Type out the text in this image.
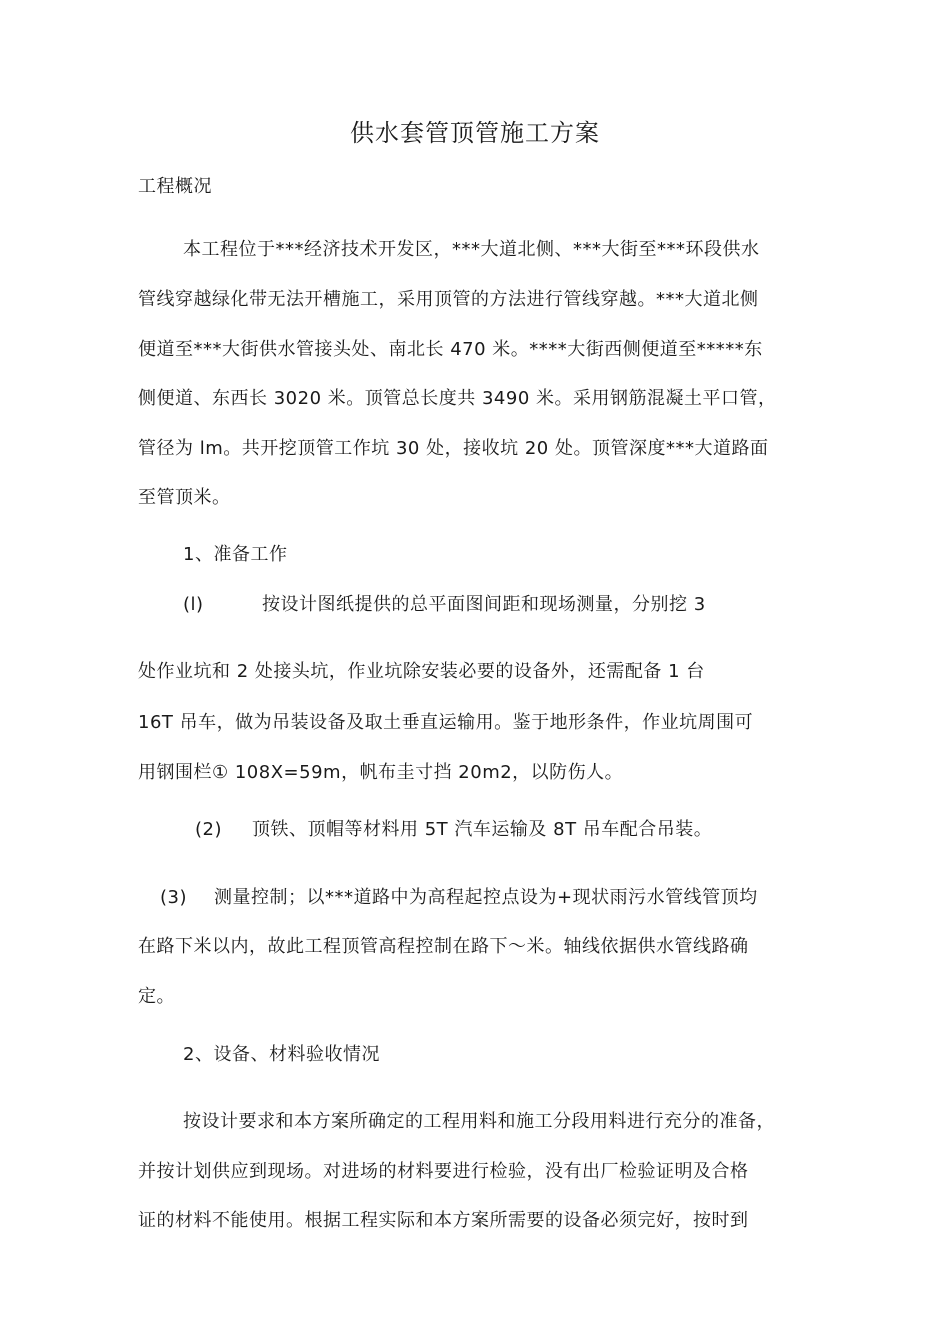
供水套管顶管施工方案
工程概况
本工程位于***经济技术开发区，***大道北侧、***大街至***环段供水
管线穿越绿化带无法开槽施工，采用顶管的方法进行管线穿越。***大道北侧
便道至***大街供水管接头处、南北长 470 米。****大街西侧便道至*****东
侧便道、东西长 3020 米。顶管总长度共 3490 米。采用钢筋混凝土平口管，
管径为 lm。共开挖顶管工作坑 30 处，接收坑 20 处。顶管深度***大道路面
至管顶米。
1、准备工作
(l)	按设计图纸提供的总平面图间距和现场测量，分别挖 3
处作业坑和 2 处接头坑，作业坑除安装必要的设备外，还需配备 1 台
16T 吊车，做为吊装设备及取土垂直运输用。鉴于地形条件，作业坑周围可
用钢围栏① 108X=59m，帆布圭寸挡 20m2，以防伤人。
(2) 顶铁、顶帽等材料用 5T 汽车运输及 8T 吊车配合吊装。
(3) 测量控制；以***道路中为高程起控点设为+现状雨污水管线管顶均
在路下米以内，故此工程顶管高程控制在路下〜米。轴线依据供水管线路确
定。
2、设备、材料验收情况
按设计要求和本方案所确定的工程用料和施工分段用料进行充分的准备，
并按计划供应到现场。对进场的材料要进行检验，没有出厂检验证明及合格
证的材料不能使用。根据工程实际和本方案所需要的设备必须完好，按时到
